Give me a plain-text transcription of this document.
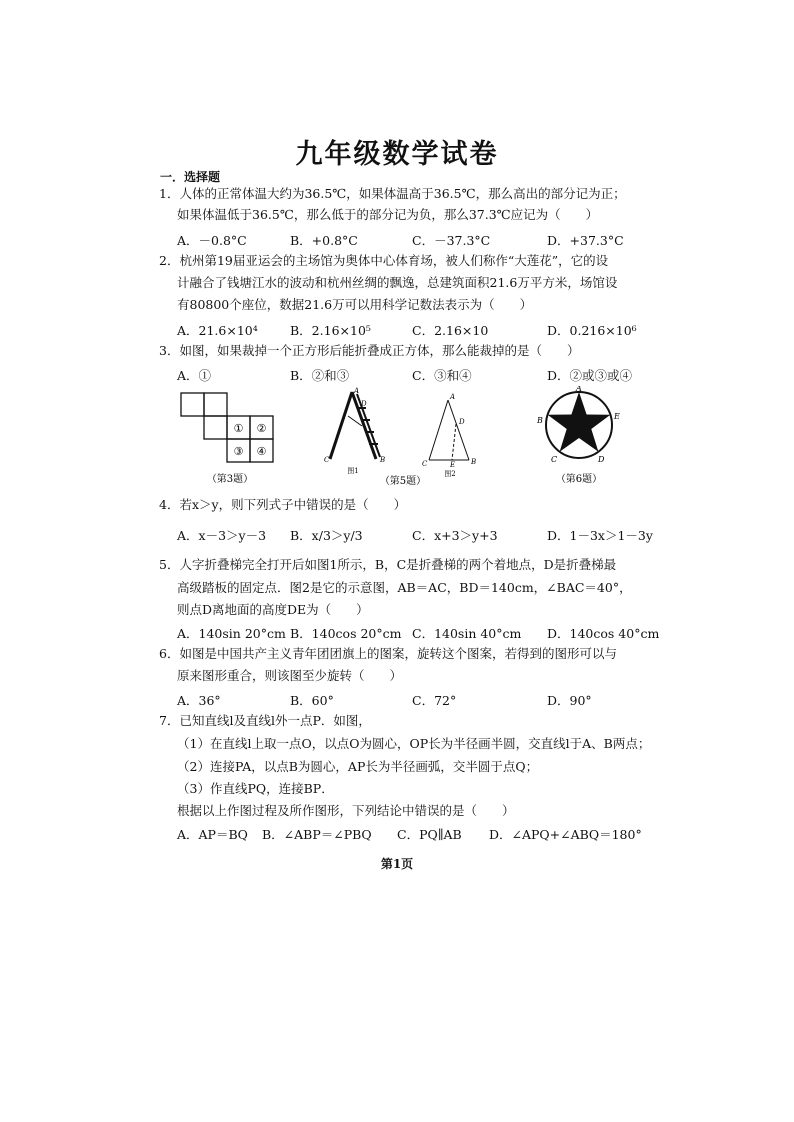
九年级数学试卷
一．选择题
1．人体的正常体温大约为36.5℃，如果体温高于36.5℃，那么高出的部分记为正；
如果体温低于36.5℃，那么低于的部分记为负，那么37.3℃应记为（　　）
A．－0.8°C	B．+0.8°C	C．－37.3°C	D．+37.3°C
2．杭州第19届亚运会的主场馆为奥体中心体育场，被人们称作“大莲花”，它的设
计融合了钱塘江水的波动和杭州丝绸的飘逸，总建筑面积21.6万平方米，场馆设
有80800个座位，数据21.6万可以用科学记数法表示为（　　）
A．21.6×10⁴	B．2.16×10⁵	C．2.16×10	D．0.216×10⁶
3．如图，如果裁掉一个正方形后能折叠成正方体，那么能裁掉的是（　　）
A．①	B．②和③	C．③和④	D．②或③或④
① ②
③ ④
（第3题）
A
D
C	B
图1
A
D
C	E B
图2
（第5题）
A
B	E
C	D
（第6题）
4．若x＞y，则下列式子中错误的是（　　）
A．x－3＞y－3 B．x/3＞y/3	C．x+3＞y+3	D．1－3x＞1－3y
5．人字折叠梯完全打开后如图1所示，B，C是折叠梯的两个着地点，D是折叠梯最
高级踏板的固定点．图2是它的示意图，AB＝AC，BD＝140cm，∠BAC＝40°，
则点D离地面的高度DE为（　　）
A．140sin 20°cm B．140cos 20°cm C．140sin 40°cm D．140cos 40°cm
6．如图是中国共产主义青年团团旗上的图案，旋转这个图案，若得到的图形可以与
原来图形重合，则该图至少旋转（　　）
A．36°	B．60°	C．72°	D．90°
7．已知直线l及直线l外一点P．如图，
（1）在直线l上取一点O，以点O为圆心，OP长为半径画半圆，交直线l于A、B两点；
（2）连接PA，以点B为圆心，AP长为半径画弧，交半圆于点Q；
（3）作直线PQ，连接BP．
根据以上作图过程及所作图形，下列结论中错误的是（　　）
A．AP＝BQ B．∠ABP＝∠PBQ C．PQ∥AB D．∠APQ+∠ABQ＝180°
第1页
